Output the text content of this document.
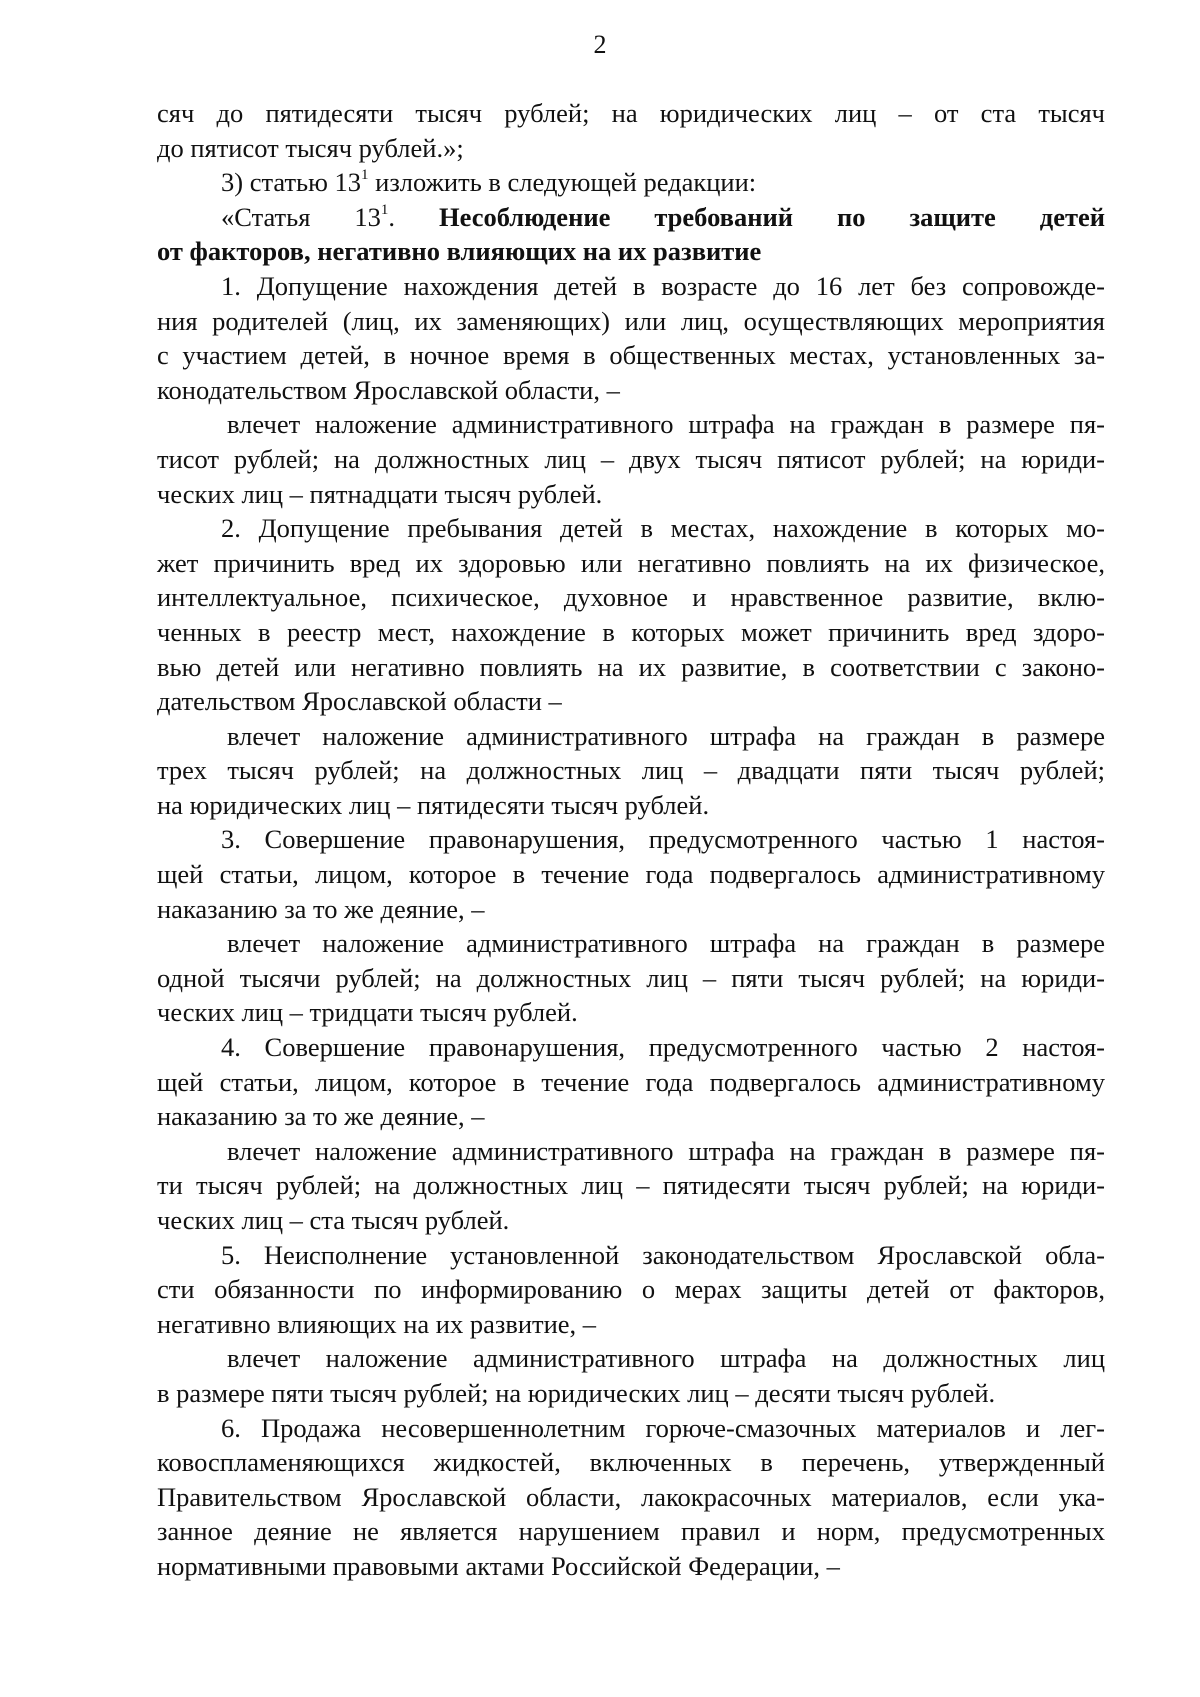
2
сяч до пятидесяти тысяч рублей; на юридических лиц – от ста тысяч
до пятисот тысяч рублей.»;
3) статью $13^1$ изложить в следующей редакции:
«Статья $13^1$. Несоблюдение требований по защите детей
от факторов, негативно влияющих на их развитие
1. Допущение нахождения детей в возрасте до 16 лет без сопровожде-
ния родителей (лиц, их заменяющих) или лиц, осуществляющих мероприятия
с участием детей, в ночное время в общественных местах, установленных за-
конодательством Ярославской области, –
влечет наложение административного штрафа на граждан в размере пя-
тисот рублей; на должностных лиц – двух тысяч пятисот рублей; на юриди-
ческих лиц – пятнадцати тысяч рублей.
2. Допущение пребывания детей в местах, нахождение в которых мо-
жет причинить вред их здоровью или негативно повлиять на их физическое,
интеллектуальное, психическое, духовное и нравственное развитие, вклю-
ченных в реестр мест, нахождение в которых может причинить вред здоро-
вью детей или негативно повлиять на их развитие, в соответствии с законо-
дательством Ярославской области –
влечет наложение административного штрафа на граждан в размере
трех тысяч рублей; на должностных лиц – двадцати пяти тысяч рублей;
на юридических лиц – пятидесяти тысяч рублей.
3. Совершение правонарушения, предусмотренного частью 1 настоя-
щей статьи, лицом, которое в течение года подвергалось административному
наказанию за то же деяние, –
влечет наложение административного штрафа на граждан в размере
одной тысячи рублей; на должностных лиц – пяти тысяч рублей; на юриди-
ческих лиц – тридцати тысяч рублей.
4. Совершение правонарушения, предусмотренного частью 2 настоя-
щей статьи, лицом, которое в течение года подвергалось административному
наказанию за то же деяние, –
влечет наложение административного штрафа на граждан в размере пя-
ти тысяч рублей; на должностных лиц – пятидесяти тысяч рублей; на юриди-
ческих лиц – ста тысяч рублей.
5. Неисполнение установленной законодательством Ярославской обла-
сти обязанности по информированию о мерах защиты детей от факторов,
негативно влияющих на их развитие, –
влечет наложение административного штрафа на должностных лиц
в размере пяти тысяч рублей; на юридических лиц – десяти тысяч рублей.
6. Продажа несовершеннолетним горюче-смазочных материалов и лег-
ковоспламеняющихся жидкостей, включенных в перечень, утвержденный
Правительством Ярославской области, лакокрасочных материалов, если ука-
занное деяние не является нарушением правил и норм, предусмотренных
нормативными правовыми актами Российской Федерации, –
